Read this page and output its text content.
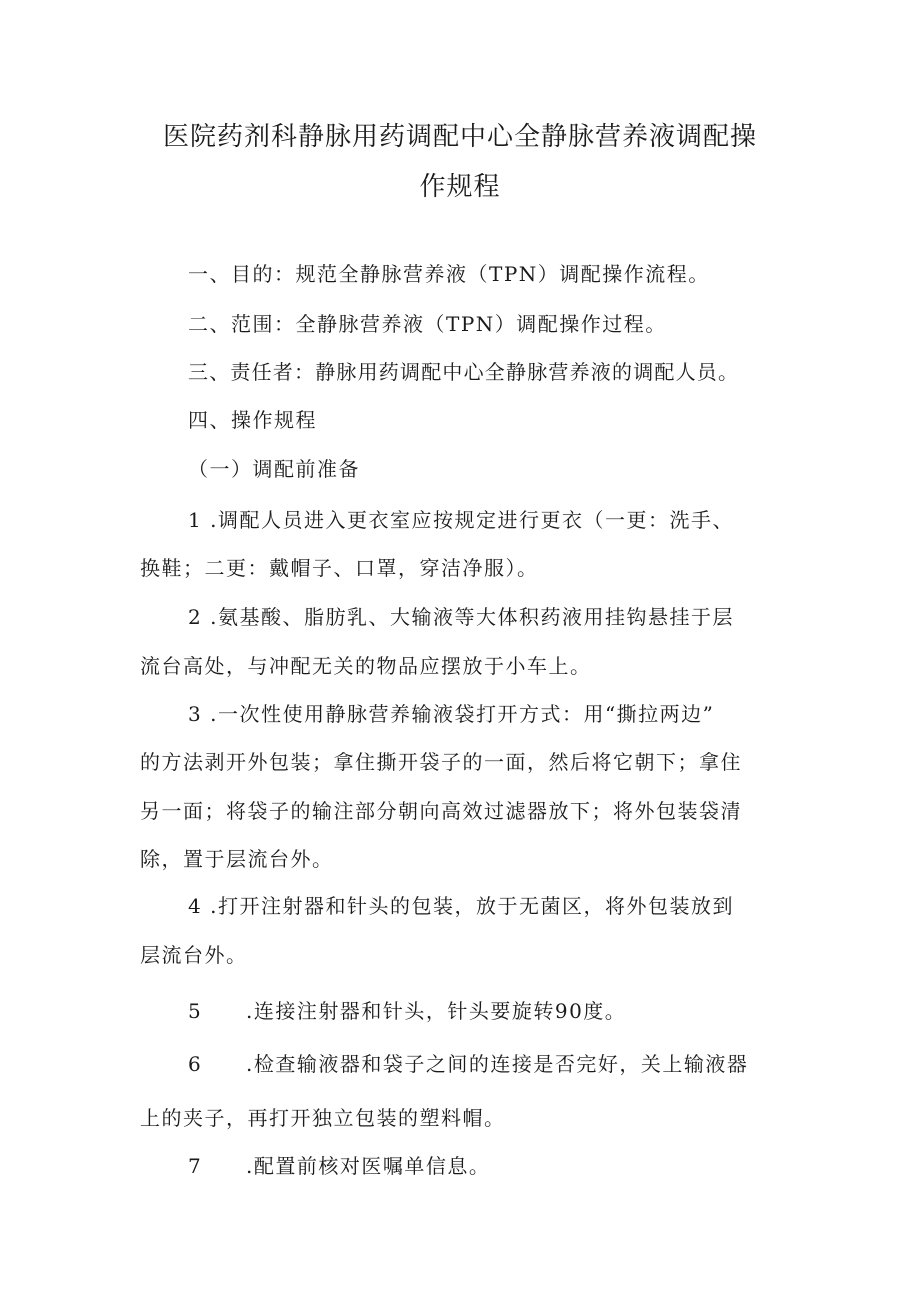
医院药剂科静脉用药调配中心全静脉营养液调配操
作规程
一、目的：规范全静脉营养液（TPN）调配操作流程。
二、范围：全静脉营养液（TPN）调配操作过程。
三、责任者：静脉用药调配中心全静脉营养液的调配人员。
四、操作规程
（一）调配前准备
1 .调配人员进入更衣室应按规定进行更衣（一更：洗手、
换鞋；二更：戴帽子、口罩，穿洁净服）。
2 .氨基酸、脂肪乳、大输液等大体积药液用挂钩悬挂于层
流台高处，与冲配无关的物品应摆放于小车上。
3 .一次性使用静脉营养输液袋打开方式：用“撕拉两边”
的方法剥开外包装；拿住撕开袋子的一面，然后将它朝下；拿住
另一面；将袋子的输注部分朝向高效过滤器放下；将外包装袋清
除，置于层流台外。
4 .打开注射器和针头的包装，放于无菌区，将外包装放到
层流台外。
5 .连接注射器和针头，针头要旋转90度。
6 .检查输液器和袋子之间的连接是否完好，关上输液器
上的夹子，再打开独立包装的塑料帽。
7 .配置前核对医嘱单信息。
